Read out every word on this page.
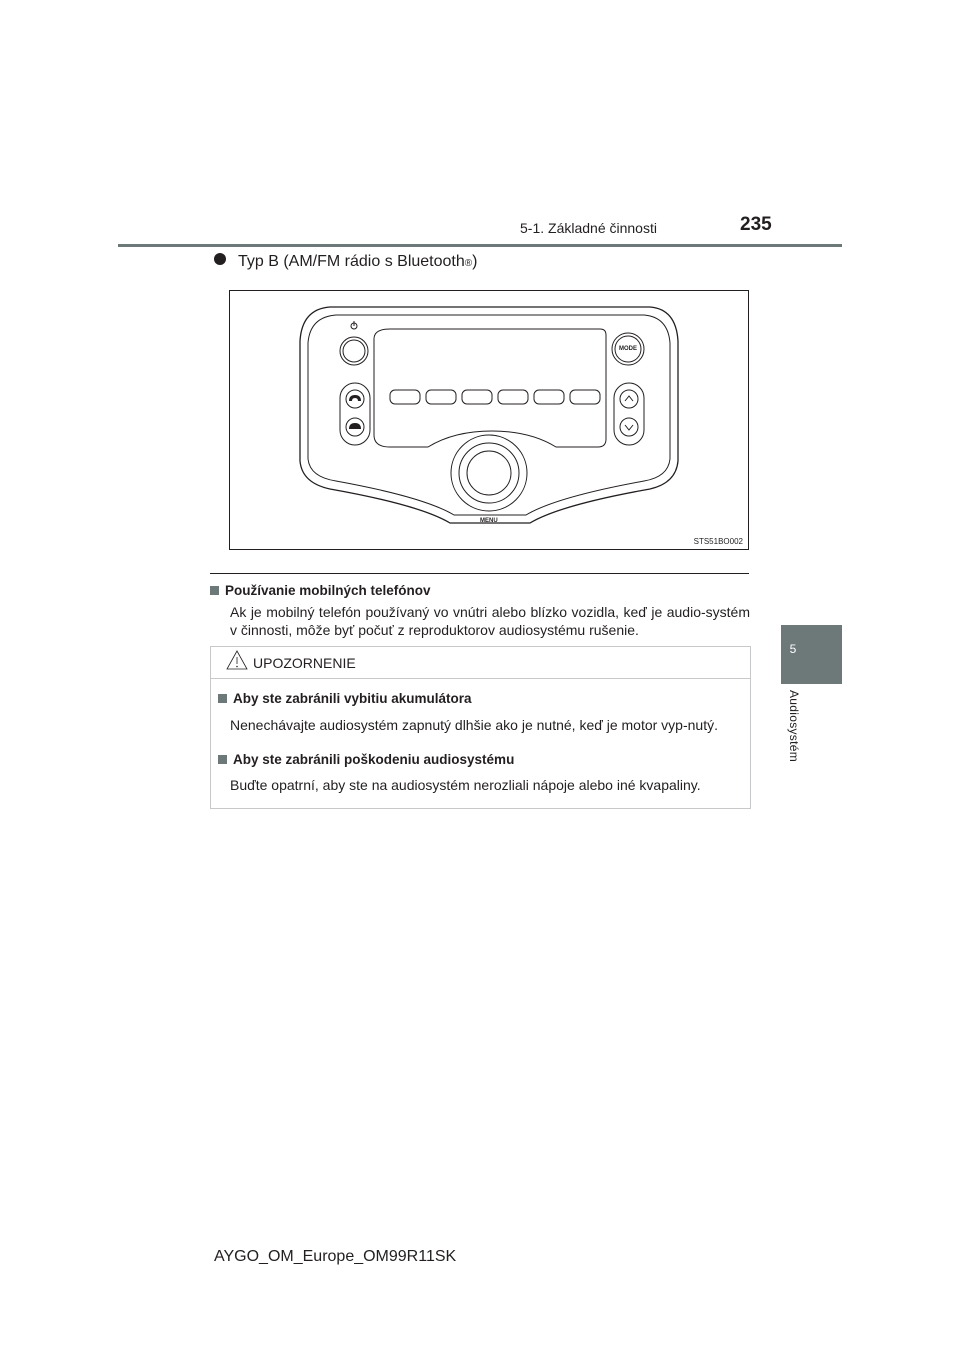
5-1. Základné činnosti	235
5
Audiosystém
Typ B (AM/FM rádio s Bluetooth ® )
MODE
MENU
STS51BO002
Používanie mobilných telefónov
Ak je mobilný telefón používaný vo vnútri alebo blízko vozidla, keď je audio-systém v činnosti, môže byť počuť z reproduktorov audiosystému rušenie.
UPOZORNENIE
Aby ste zabránili vybitiu akumulátora
Nenechávajte audiosystém zapnutý dlhšie ako je nutné, keď je motor vyp-nutý.
Aby ste zabránili poškodeniu audiosystému
Buďte opatrní, aby ste na audiosystém nerozliali nápoje alebo iné kvapaliny.
AYGO_OM_Europe_OM99R11SK
